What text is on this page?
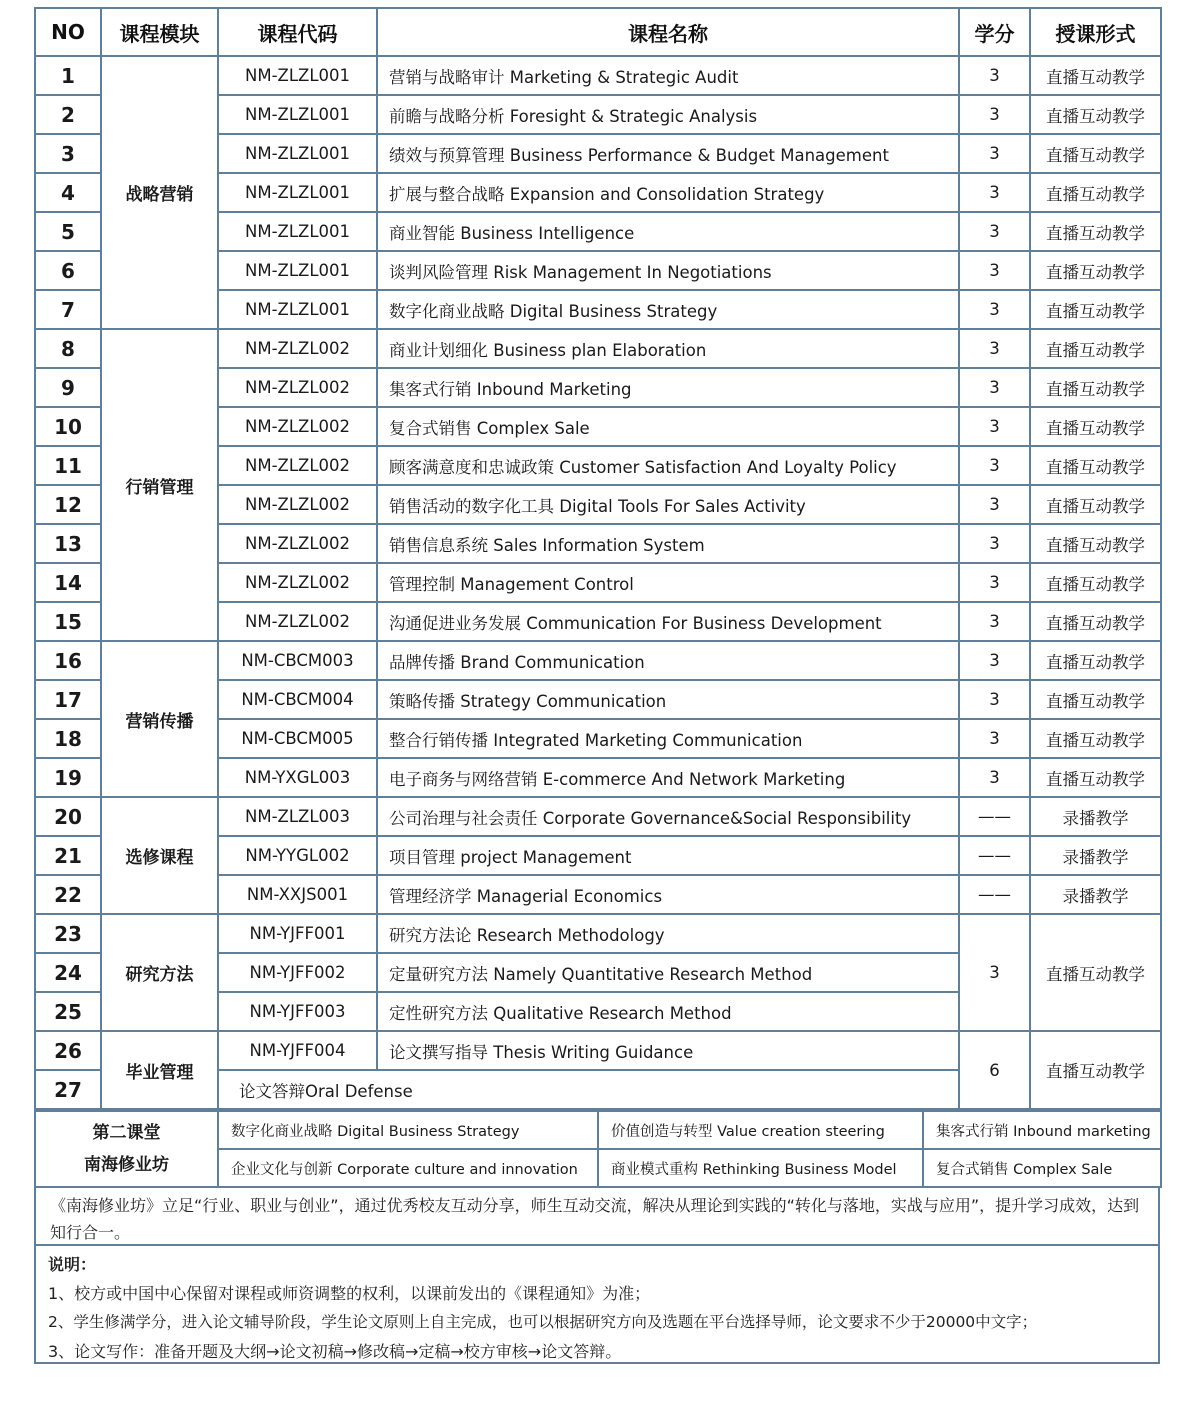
NO	课程模块	课程代码	课程名称	学分	授课形式
1	战略营销	NM-ZLZL001	营销与战略审计 Marketing & Strategic Audit	3	直播互动教学
2		NM-ZLZL001	前瞻与战略分析 Foresight & Strategic Analysis	3	直播互动教学
3		NM-ZLZL001	绩效与预算管理 Business Performance & Budget Management	3	直播互动教学
4		NM-ZLZL001	扩展与整合战略 Expansion and Consolidation Strategy	3	直播互动教学
5		NM-ZLZL001	商业智能 Business Intelligence	3	直播互动教学
6		NM-ZLZL001	谈判风险管理 Risk Management In Negotiations	3	直播互动教学
7		NM-ZLZL001	数字化商业战略 Digital Business Strategy	3	直播互动教学
8	行销管理	NM-ZLZL002	商业计划细化 Business plan Elaboration	3	直播互动教学
9		NM-ZLZL002	集客式行销 Inbound Marketing	3	直播互动教学
10		NM-ZLZL002	复合式销售 Complex Sale	3	直播互动教学
11		NM-ZLZL002	顾客满意度和忠诚政策 Customer Satisfaction And Loyalty Policy	3	直播互动教学
12		NM-ZLZL002	销售活动的数字化工具 Digital Tools For Sales Activity	3	直播互动教学
13		NM-ZLZL002	销售信息系统 Sales Information System	3	直播互动教学
14		NM-ZLZL002	管理控制 Management Control	3	直播互动教学
15		NM-ZLZL002	沟通促进业务发展 Communication For Business Development	3	直播互动教学
16	营销传播	NM-CBCM003	品牌传播 Brand Communication	3	直播互动教学
17		NM-CBCM004	策略传播 Strategy Communication	3	直播互动教学
18		NM-CBCM005	整合行销传播 Integrated Marketing Communication	3	直播互动教学
19		NM-YXGL003	电子商务与网络营销 E-commerce And Network Marketing	3	直播互动教学
20	选修课程	NM-ZLZL003	公司治理与社会责任 Corporate Governance&Social Responsibility	——	录播教学
21		NM-YYGL002	项目管理 project Management	——	录播教学
22		NM-XXJS001	管理经济学 Managerial Economics	——	录播教学
23	研究方法	NM-YJFF001	研究方法论 Research Methodology	3	直播互动教学
24		NM-YJFF002	定量研究方法 Namely Quantitative Research Method		
25		NM-YJFF003	定性研究方法 Qualitative Research Method		
26	毕业管理	NM-YJFF004	论文撰写指导 Thesis Writing Guidance	6	直播互动教学
27		论文答辩Oral Defense			
第二课堂
南海修业坊	数字化商业战略 Digital Business Strategy	价值创造与转型 Value creation steering	集客式行销 Inbound marketing
	企业文化与创新 Corporate culture and innovation	商业模式重构 Rethinking Business Model	复合式销售 Complex Sale
《南海修业坊》立足“行业、职业与创业”，通过优秀校友互动分享，师生互动交流，解决从理论到实践的“转化与落地，实战与应用”，提升学习成效，达到知行合一。
说明：
1、校方或中国中心保留对课程或师资调整的权利，以课前发出的《课程通知》为准；
2、学生修满学分，进入论文辅导阶段，学生论文原则上自主完成，也可以根据研究方向及选题在平台选择导师，论文要求不少于20000中文字；
3、论文写作：准备开题及大纲→论文初稿→修改稿→定稿→校方审核→论文答辩。
